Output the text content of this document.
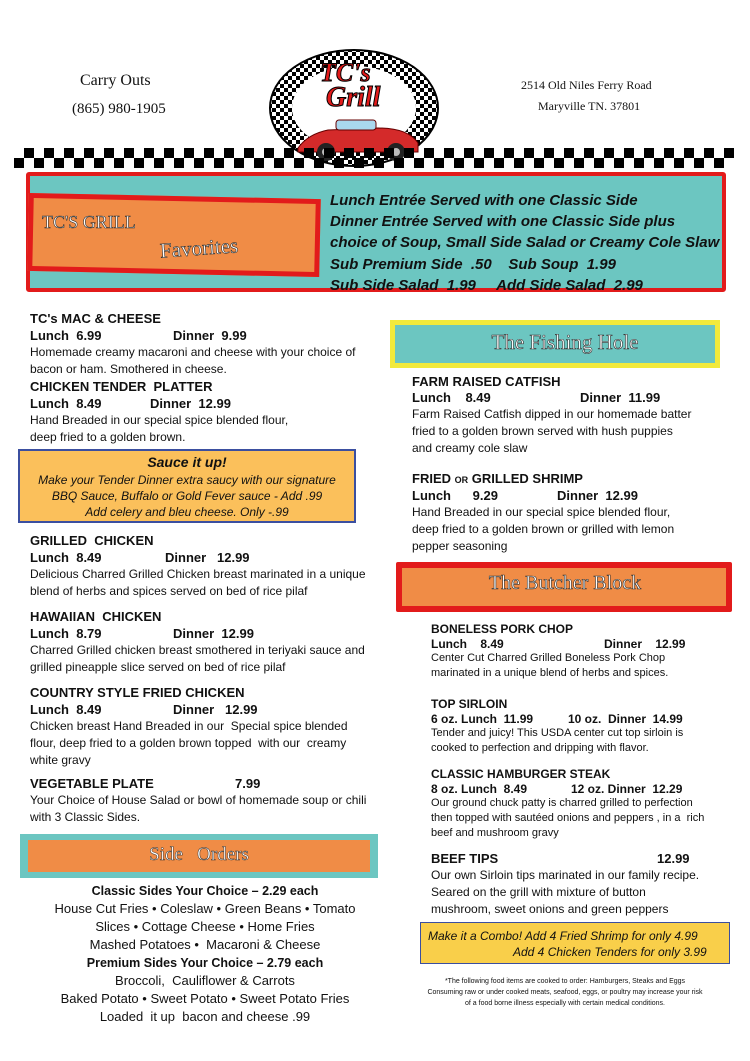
Carry Outs
(865) 980-1905
2514 Old Niles Ferry Road
Maryville TN. 37801
TC's
Grill
TC'S GRILL
Favorites
Lunch Entrée Served with one Classic Side
Dinner Entrée Served with one Classic Side plus
choice of Soup, Small Side Salad or Creamy Cole Slaw
Sub Premium Side  .50    Sub Soup  1.99
Sub Side Salad  1.99     Add Side Salad  2.99
TC's MAC & CHEESE
Lunch  6.99	Dinner  9.99
Homemade creamy macaroni and cheese with your choice of
bacon or ham. Smothered in cheese.
CHICKEN TENDER  PLATTER
Lunch  8.49	Dinner  12.99
Hand Breaded in our special spice blended flour,
deep fried to a golden brown.
Sauce it up!
Make your Tender Dinner extra saucy with our signature
BBQ Sauce, Buffalo or Gold Fever sauce - Add .99
Add celery and bleu cheese. Only -.99
GRILLED  CHICKEN
Lunch  8.49	Dinner   12.99
Delicious Charred Grilled Chicken breast marinated in a unique
blend of herbs and spices served on bed of rice pilaf
HAWAIIAN  CHICKEN
Lunch  8.79	Dinner  12.99
Charred Grilled chicken breast smothered in teriyaki sauce and
grilled pineapple slice served on bed of rice pilaf
COUNTRY STYLE FRIED CHICKEN
Lunch  8.49	Dinner   12.99
Chicken breast Hand Breaded in our  Special spice blended
flour, deep fried to a golden brown topped  with our  creamy
white gravy
VEGETABLE PLATE	7.99
Your Choice of House Salad or bowl of homemade soup or chili
with 3 Classic Sides.
Side   Orders
Classic Sides Your Choice – 2.29 each
House Cut Fries • Coleslaw • Green Beans • Tomato
Slices • Cottage Cheese • Home Fries
Mashed Potatoes •  Macaroni & Cheese
Premium Sides Your Choice – 2.79 each
Broccoli,  Cauliflower & Carrots
Baked Potato • Sweet Potato • Sweet Potato Fries
Loaded  it up  bacon and cheese .99
The Fishing Hole
FARM RAISED CATFISH
Lunch    8.49	Dinner  11.99
Farm Raised Catfish dipped in our homemade batter
fried to a golden brown served with hush puppies
and creamy cole slaw
FRIED OR GRILLED SHRIMP
Lunch      9.29	Dinner  12.99
Hand Breaded in our special spice blended flour,
deep fried to a golden brown or grilled with lemon
pepper seasoning
The Butcher Block
BONELESS PORK CHOP
Lunch    8.49	Dinner    12.99
Center Cut Charred Grilled Boneless Pork Chop
marinated in a unique blend of herbs and spices.
TOP SIRLOIN
6 oz. Lunch  11.99	10 oz.  Dinner  14.99
Tender and juicy! This USDA center cut top sirloin is
cooked to perfection and dripping with flavor.
CLASSIC HAMBURGER STEAK
8 oz. Lunch  8.49	12 oz. Dinner  12.29
Our ground chuck patty is charred grilled to perfection
then topped with sautéed onions and peppers , in a  rich
beef and mushroom gravy
BEEF TIPS	12.99
Our own Sirloin tips marinated in our family recipe.
Seared on the grill with mixture of button
mushroom, sweet onions and green peppers
Make it a Combo! Add 4 Fried Shrimp for only 4.99
Add 4 Chicken Tenders for only 3.99
*The following food items are cooked to order: Hamburgers, Steaks and Eggs
Consuming raw or under cooked meats, seafood, eggs, or poultry may increase your risk
of a food borne illness especially with certain medical conditions.
